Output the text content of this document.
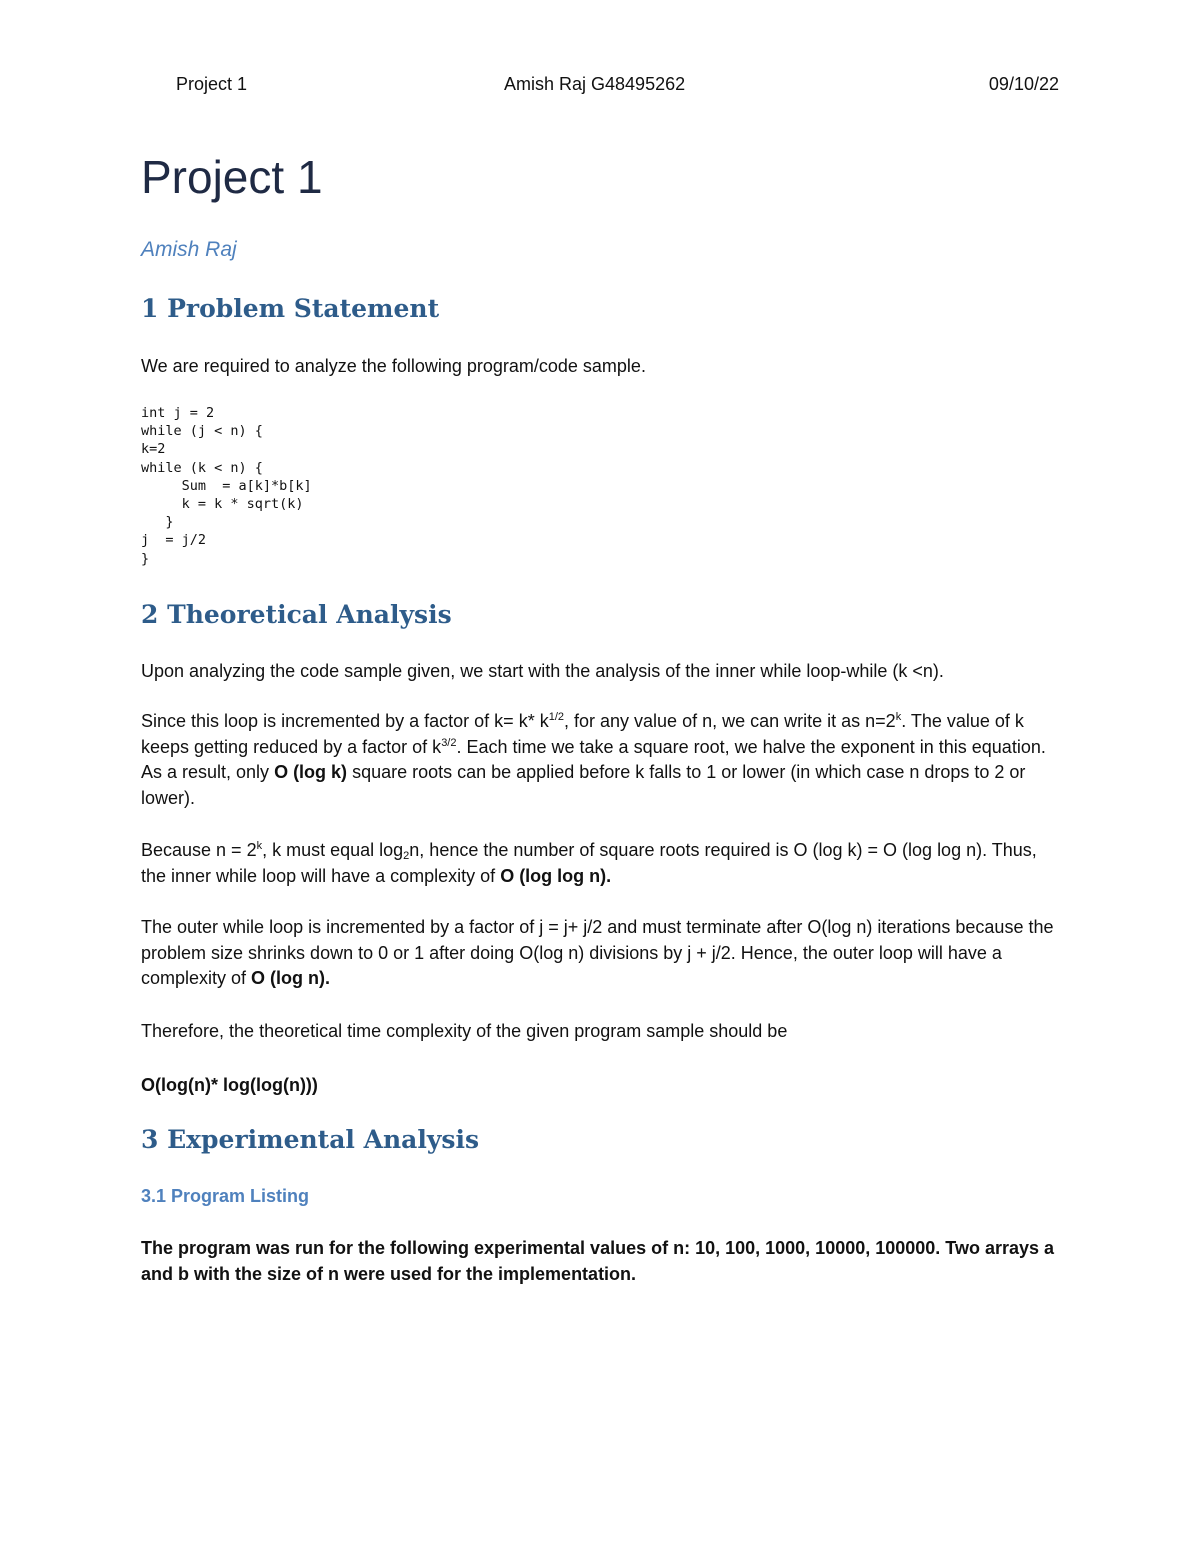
Project 1	Amish Raj G48495262	09/10/22
Project 1
Amish Raj
1 Problem Statement

We are required to analyze the following program/code sample.

int j = 2
while (j < n) {
k=2
while (k < n) {
Sum  = a[k]*b[k]
k = k * sqrt(k)
}
j  = j/2
}
2 Theoretical Analysis

Upon analyzing the code sample given, we start with the analysis of the inner while loop-while (k <n).

Since this loop is incremented by a factor of k= k* $k^{1/2}$, for any value of n, we can write it as $n=2^k$. The value of k keeps getting reduced by a factor of $k^{3/2}$. Each time we take a square root, we halve the exponent in this equation. As a result, only O (log k) square roots can be applied before k falls to 1 or lower (in which case n drops to 2 or lower).

Because $n = 2^k$, k must equal $\log_2n$, hence the number of square roots required is O (log k) = O (log log n). Thus, the inner while loop will have a complexity of O (log log n).

The outer while loop is incremented by a factor of j = j+ j/2 and must terminate after O(log n) iterations because the problem size shrinks down to 0 or 1 after doing O(log n) divisions by j + j/2. Hence, the outer loop will have a complexity of O (log n).

Therefore, the theoretical time complexity of the given program sample should be

O(log(n)* log(log(n)))

3 Experimental Analysis
3.1 Program Listing

The program was run for the following experimental values of n: 10, 100, 1000, 10000, 100000. Two arrays a and b with the size of n were used for the implementation.
